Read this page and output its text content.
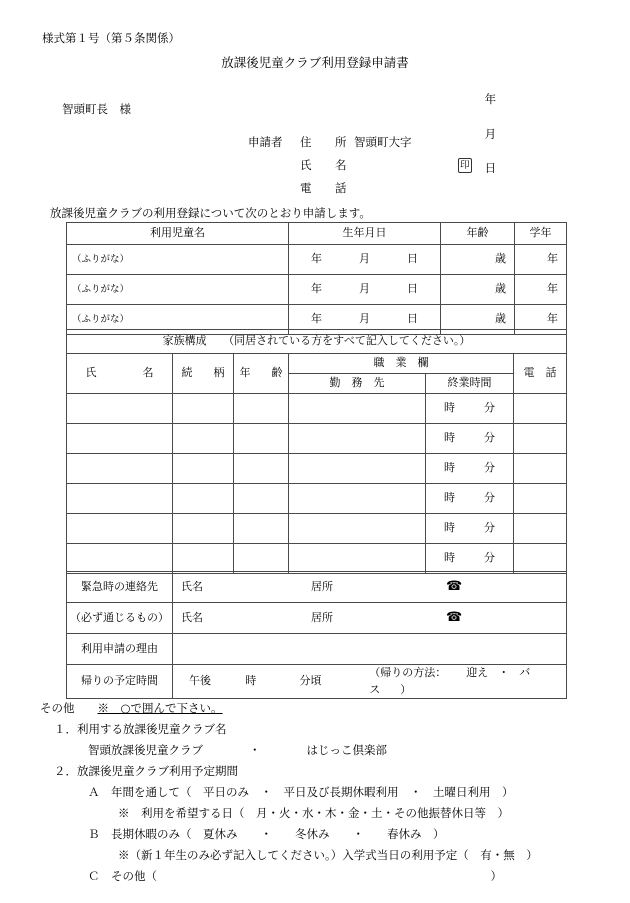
様式第１号（第５条関係）
放課後児童クラブ利用登録申請書

年

月

日

智頭町長　様
申請者	住　所 智頭町大字
氏　名	印
電　話
放課後児童クラブの利用登録について次のとおり申請します。
利用児童名	生年月日	年齢	学年

（ふりがな）	年 月 日	歳	年

（ふりがな）	年 月 日	歳	年

（ふりがな）	年 月 日	歳	年
家族構成　　（同居されている方をすべて記入してください。）					
氏　　名	続　柄	年　齢	職　業　欄		電　話
			勤　務　先	終業時間	

				時 分	

				時 分	

				時 分	

				時 分	

				時 分	

				時 分	

緊急時の連絡先	氏名 居所 ☎

（必ず通じるもの）	氏名 居所 ☎

利用申請の理由	
帰りの予定時間	午後 時 分頃
（帰りの方法： 迎え ・ バス ）
その他　　 ※　○で囲んで下さい。
１．利用する放課後児童クラブ名
智頭放課後児童クラブ　　　　・　　　　はじっこ倶楽部
２．放課後児童クラブ利用予定期間
Ａ　年間を通して（　平日のみ　・　平日及び長期休暇利用　・　土曜日利用　）
※　利用を希望する日（　月・火・水・木・金・土・その他振替休日等　）
Ｂ　長期休暇のみ（　夏休み　　・　　冬休み　　・　　春休み　）
※（新１年生のみ必ず記入してください。）入学式当日の利用予定（　有・無　）
Ｃ　その他（　　　　　　　　　　　　　　　　　　　　　　　　　　　　　）
